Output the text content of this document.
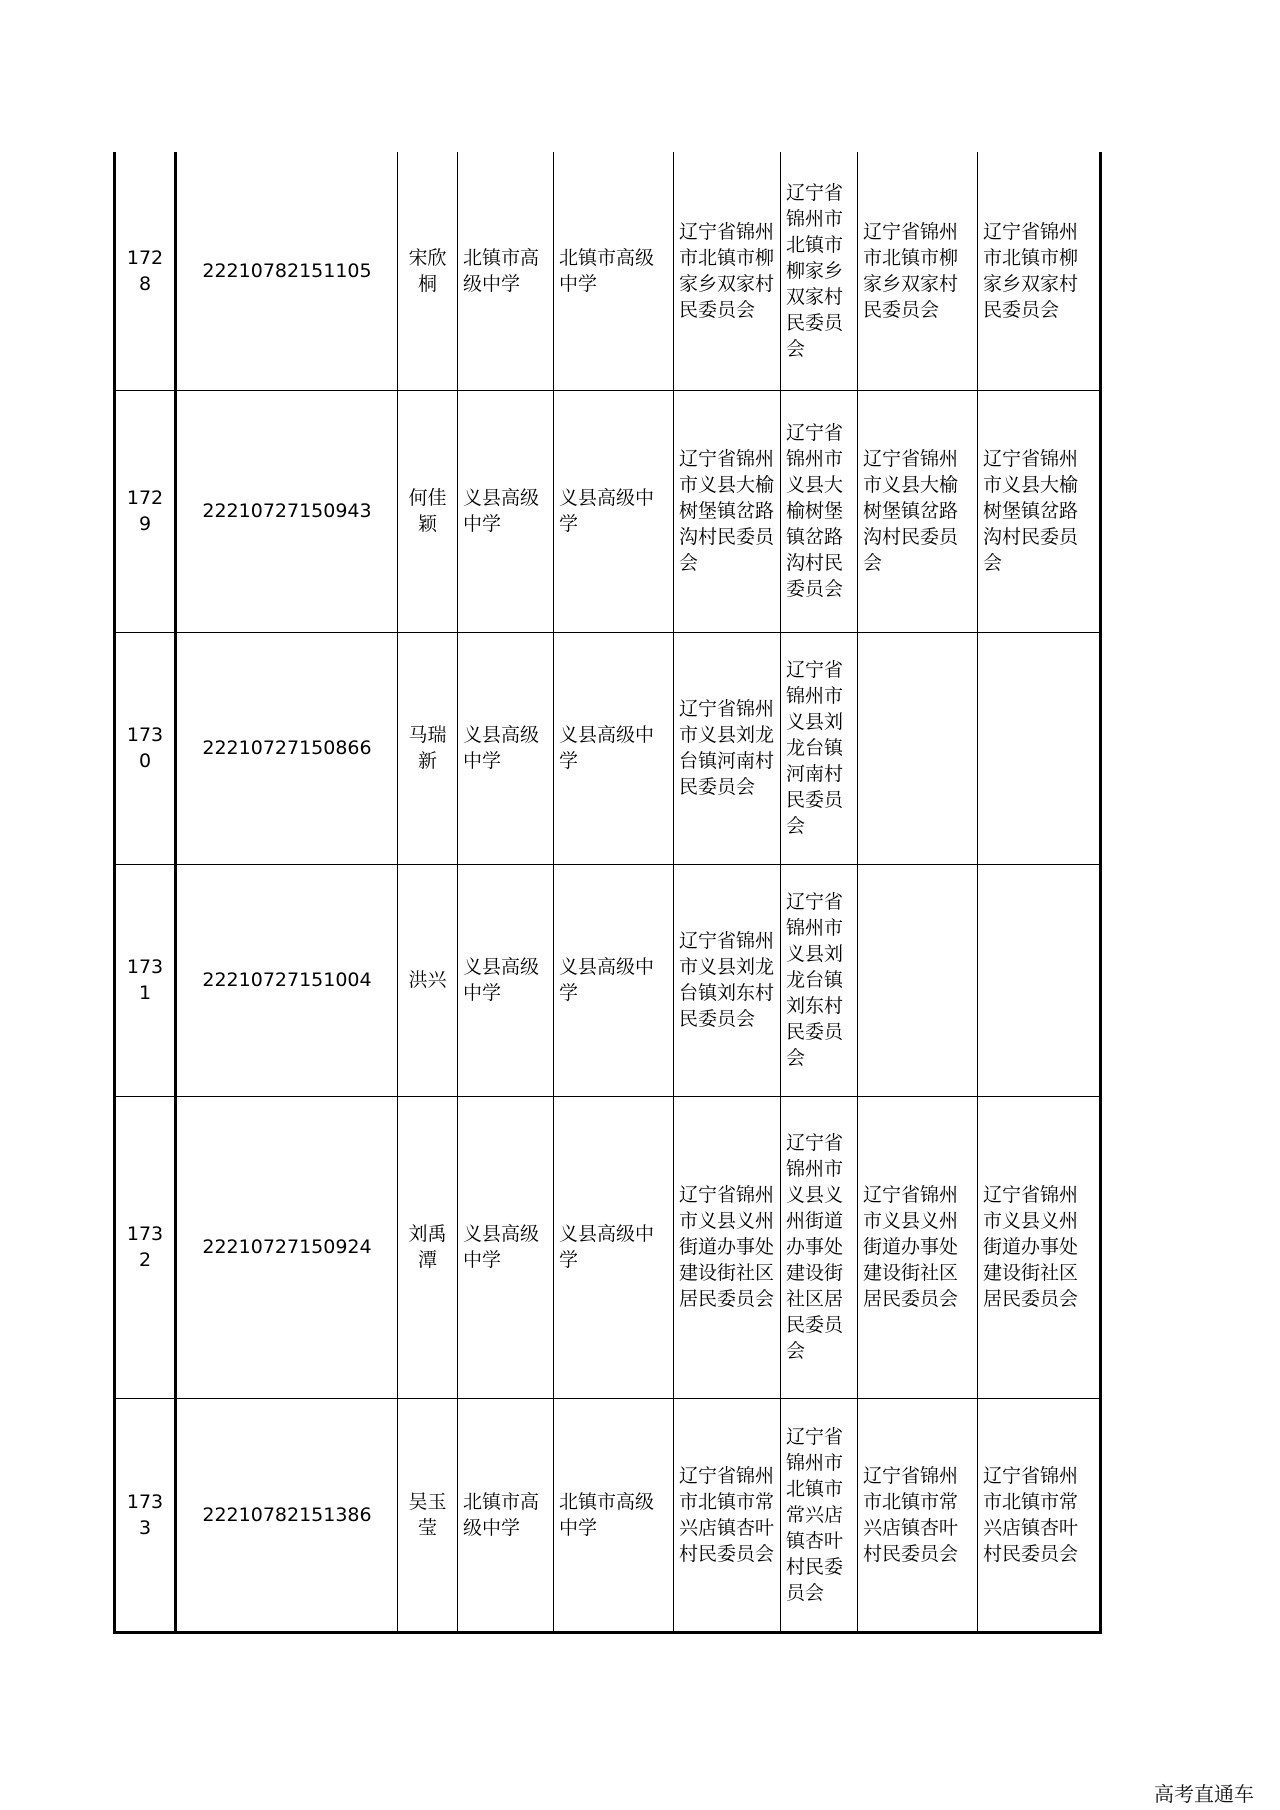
1728	22210782151105	宋欣桐	北镇市高级中学	北镇市高级中学	辽宁省锦州市北镇市柳家乡双家村民委员会	辽宁省锦州市北镇市柳家乡双家村民委员会	辽宁省锦州市北镇市柳家乡双家村民委员会	辽宁省锦州市北镇市柳家乡双家村民委员会
1729	22210727150943	何佳颖	义县高级中学	义县高级中学	辽宁省锦州市义县大榆树堡镇岔路沟村民委员会	辽宁省锦州市义县大榆树堡镇岔路沟村民委员会	辽宁省锦州市义县大榆树堡镇岔路沟村民委员会	辽宁省锦州市义县大榆树堡镇岔路沟村民委员会
1730	22210727150866	马瑞新	义县高级中学	义县高级中学	辽宁省锦州市义县刘龙台镇河南村民委员会	辽宁省锦州市义县刘龙台镇河南村民委员会		
1731	22210727151004	洪兴	义县高级中学	义县高级中学	辽宁省锦州市义县刘龙台镇刘东村民委员会	辽宁省锦州市义县刘龙台镇刘东村民委员会		
1732	22210727150924	刘禹潭	义县高级中学	义县高级中学	辽宁省锦州市义县义州街道办事处建设街社区居民委员会	辽宁省锦州市义县义州街道办事处建设街社区居民委员会	辽宁省锦州市义县义州街道办事处建设街社区居民委员会	辽宁省锦州市义县义州街道办事处建设街社区居民委员会
1733	22210782151386	吴玉莹	北镇市高级中学	北镇市高级中学	辽宁省锦州市北镇市常兴店镇杏叶村民委员会	辽宁省锦州市北镇市常兴店镇杏叶村民委员会	辽宁省锦州市北镇市常兴店镇杏叶村民委员会	辽宁省锦州市北镇市常兴店镇杏叶村民委员会
高考直通车
